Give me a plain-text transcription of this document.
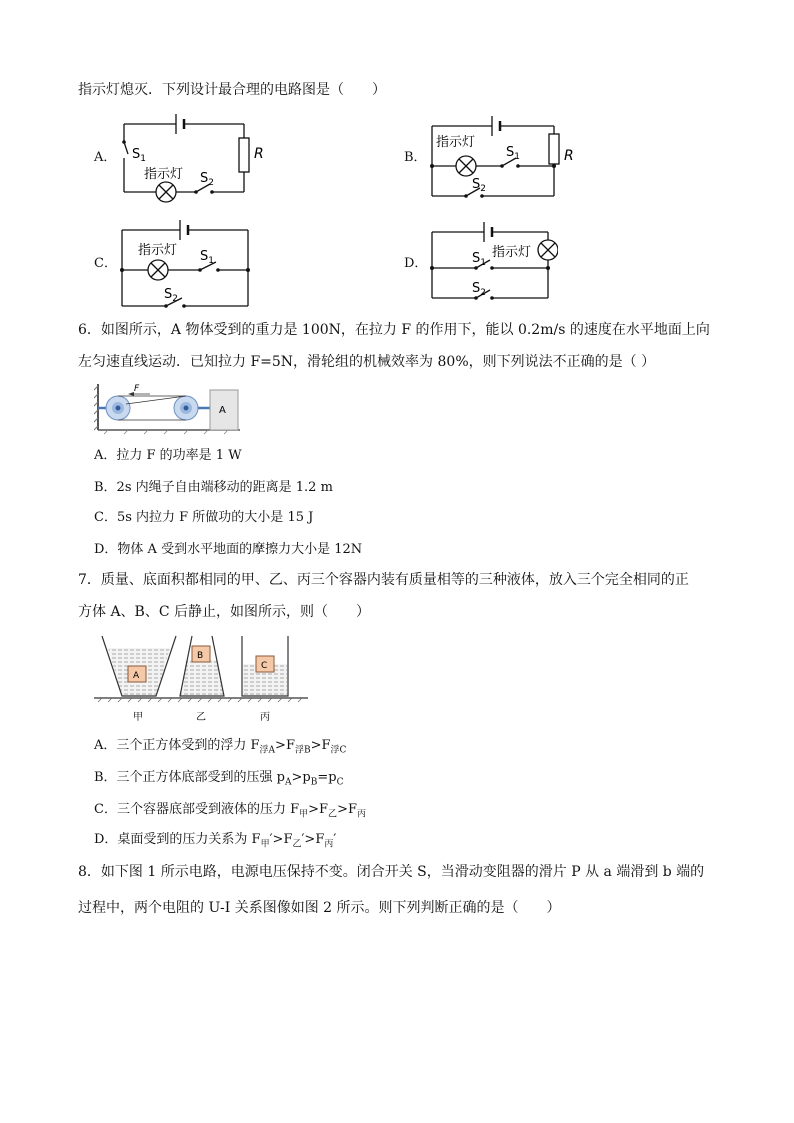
指示灯熄灭．下列设计最合理的电路图是（　　）
A． $S_1$
指示灯 $S_2$
R	B．
指示灯
$S_1$
$S_2$
R
C．
指示灯 $S_1$
$S_2$
D．
指示灯
$S_1$
$S_2$
6．如图所示，A 物体受到的重力是 100N，在拉力 F 的作用下，能以 0.2m/s 的速度在水平地面上向
左匀速直线运动．已知拉力 F=5N，滑轮组的机械效率为 80%，则下列说法不正确的是（ ）
F
A
A．拉力 F 的功率是 1 W
B．2s 内绳子自由端移动的距离是 1.2 m
C．5s 内拉力 F 所做功的大小是 15 J
D．物体 A 受到水平地面的摩擦力大小是 12N
7．质量、底面积都相同的甲、乙、丙三个容器内装有质量相等的三种液体，放入三个完全相同的正
方体 A、B、C 后静止，如图所示，则（　　）
A
B
C
甲	乙	丙
A．三个正方体受到的浮力 $F_{浮A}>F_{浮B}>F_{浮C}$
B．三个正方体底部受到的压强 $p_A>p_B=p_C$
C．三个容器底部受到液体的压力 $F_甲>F_乙>F_丙$
D．桌面受到的压力关系为 $F_甲'>F_乙'>F_丙'$
8．如下图 1 所示电路，电源电压保持不变。闭合开关 S，当滑动变阻器的滑片 P 从 a 端滑到 b 端的
过程中，两个电阻的 U-I 关系图像如图 2 所示。则下列判断正确的是（　　）
